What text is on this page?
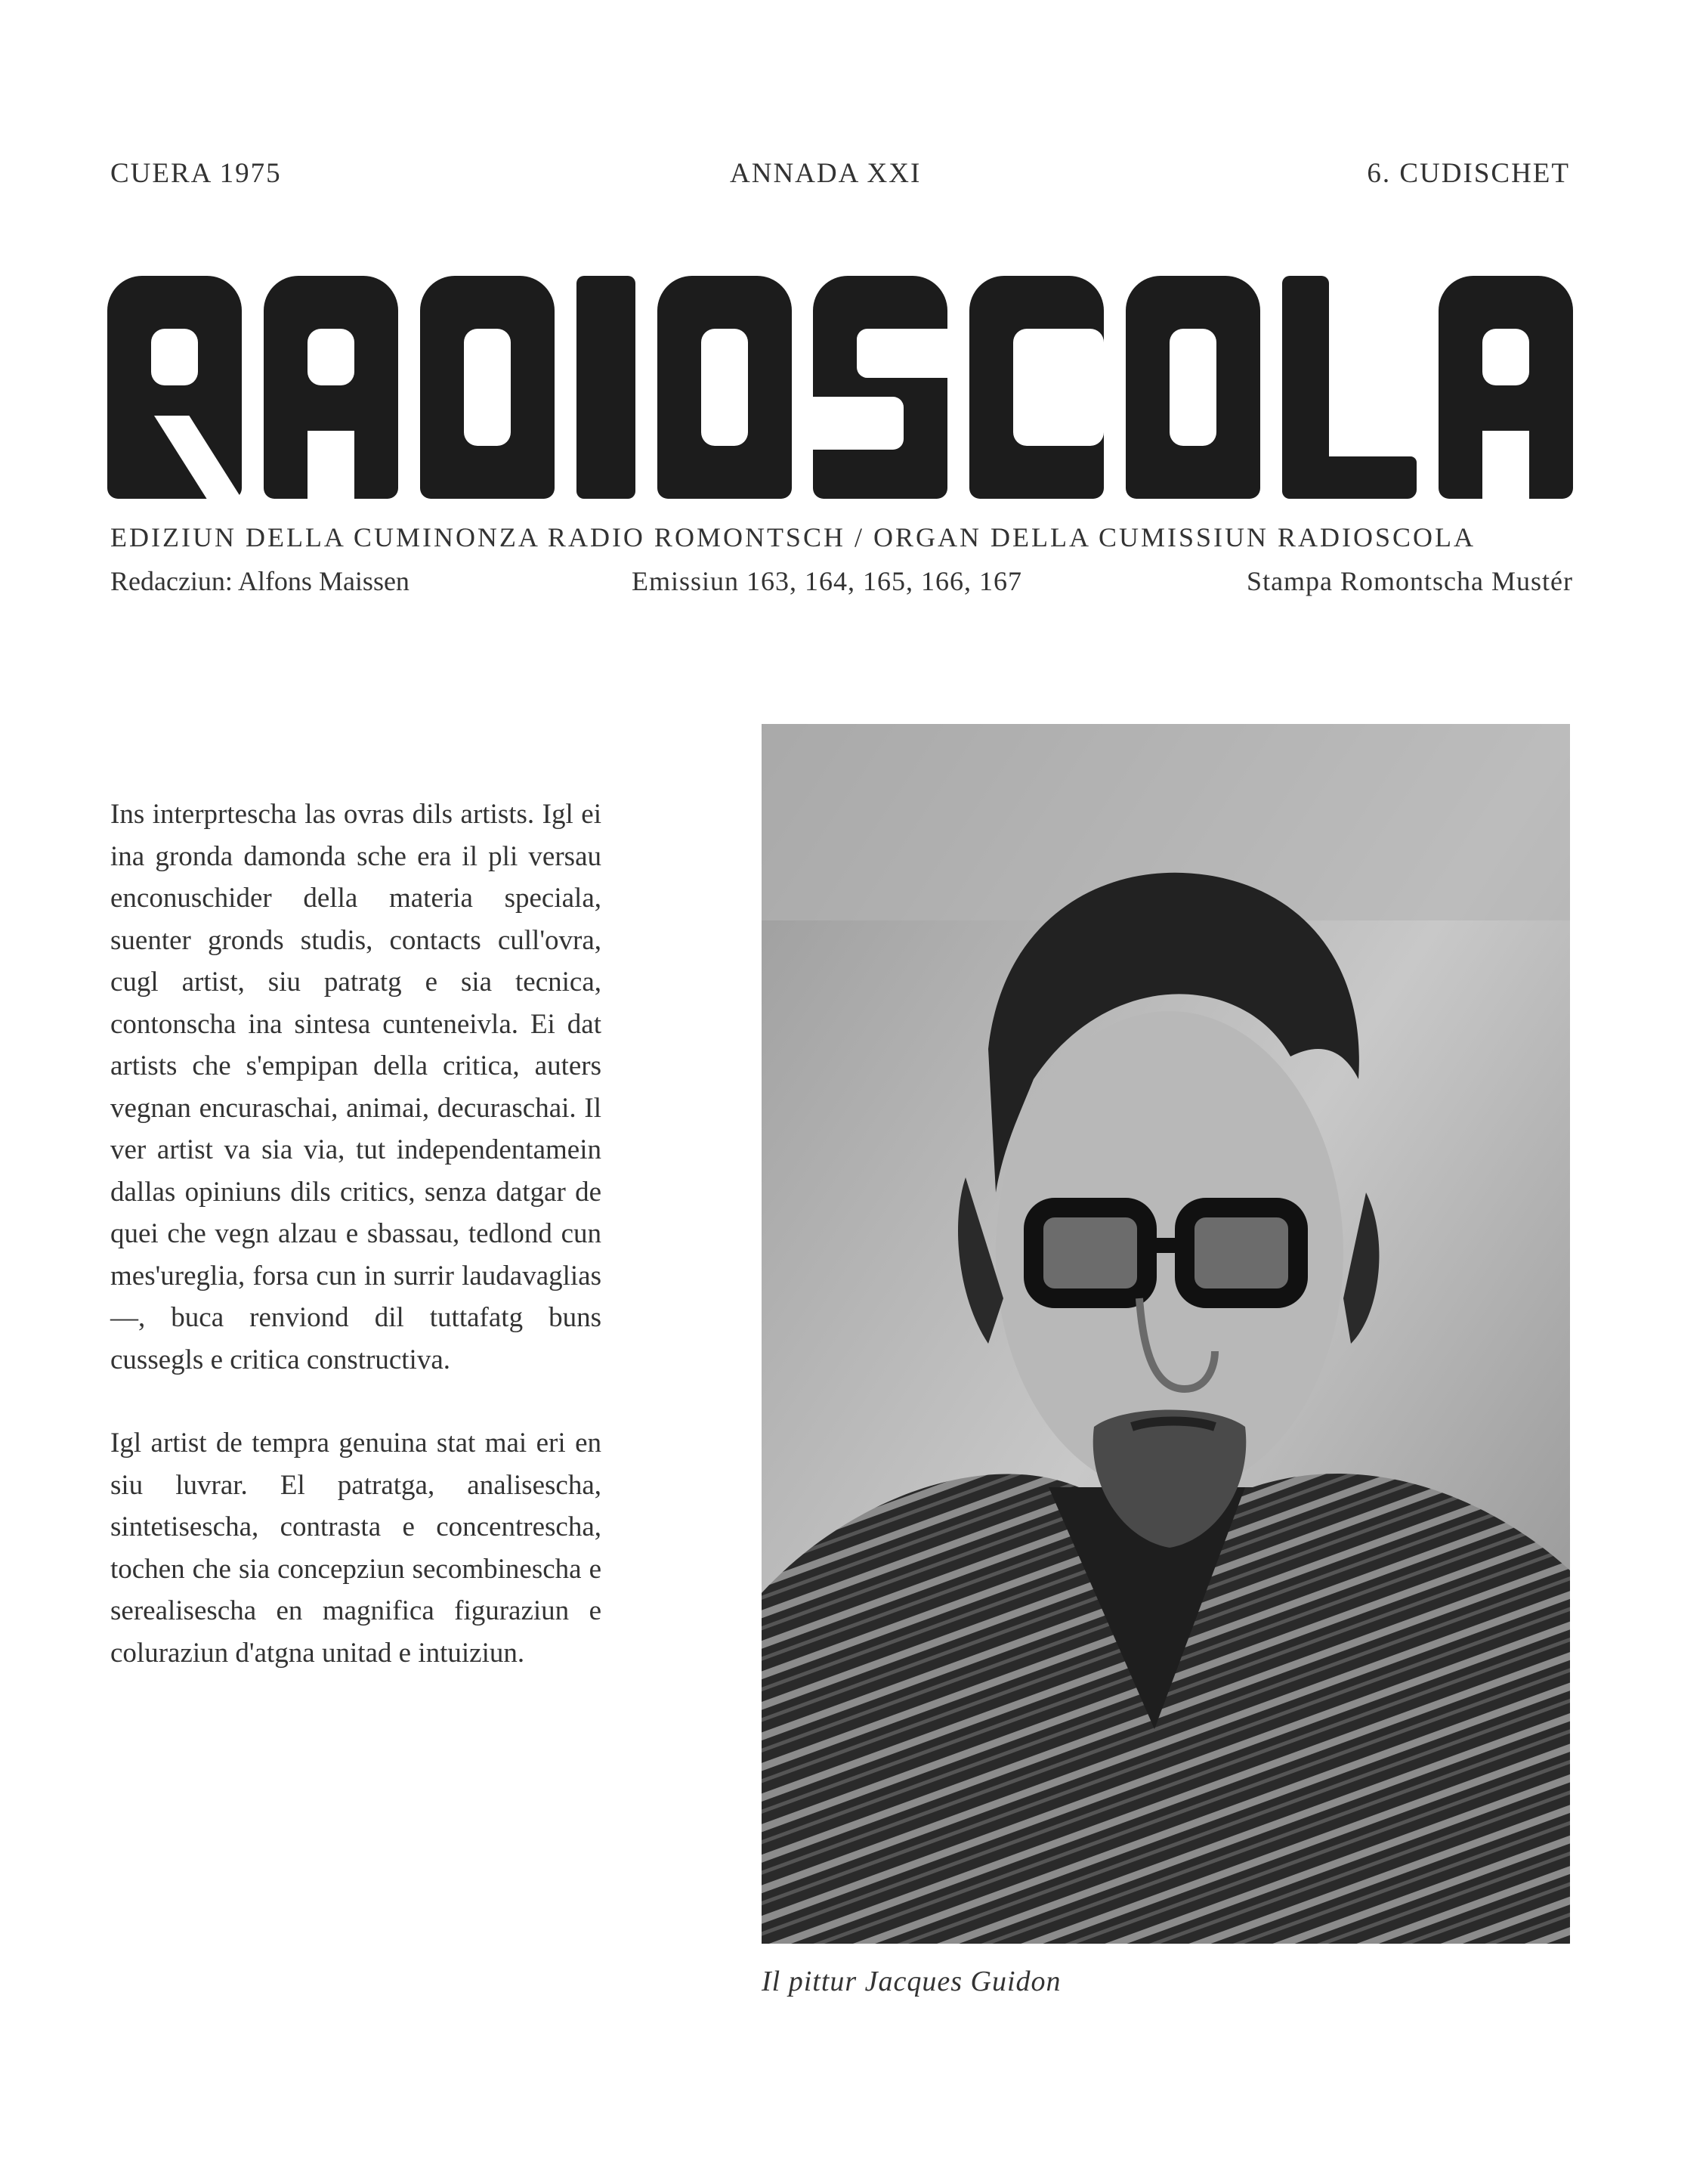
CUERA 1975	ANNADA XXI	6. CUDISCHET
EDIZIUN DELLA CUMINONZA RADIO ROMONTSCH / ORGAN DELLA CUMISSIUN RADIOSCOLA
Redacziun: Alfons Maissen	Emissiun 163, 164, 165, 166, 167	Stampa Romontscha Mustér

Ins interprtescha las ovras dils artists. Igl ei ina gronda damonda sche era il pli versau enconuschider della materia speciala, suenter gronds studis, contacts cull'ovra, cugl artist, siu patratg e sia tecnica, contonscha ina sintesa cunteneivla. Ei dat artists che s'empipan della critica, auters vegnan encuraschai, animai, decuraschai. Il ver artist va sia via, tut independentamein dallas opiniuns dils critics, senza datgar de quei che vegn alzau e sbassau, tedlond cun mes'ureglia, forsa cun in surrir laudavaglias —, buca renviond dil tuttafatg buns cussegls e critica constructiva.

Igl artist de tempra genuina stat mai eri en siu luvrar. El patratga, analisescha, sintetisescha, contrasta e concentrescha, tochen che sia concepziun secombinescha e serealisescha en magnifica figuraziun e coluraziun d'atgna unitad e intuiziun.

Il pittur Jacques Guidon
